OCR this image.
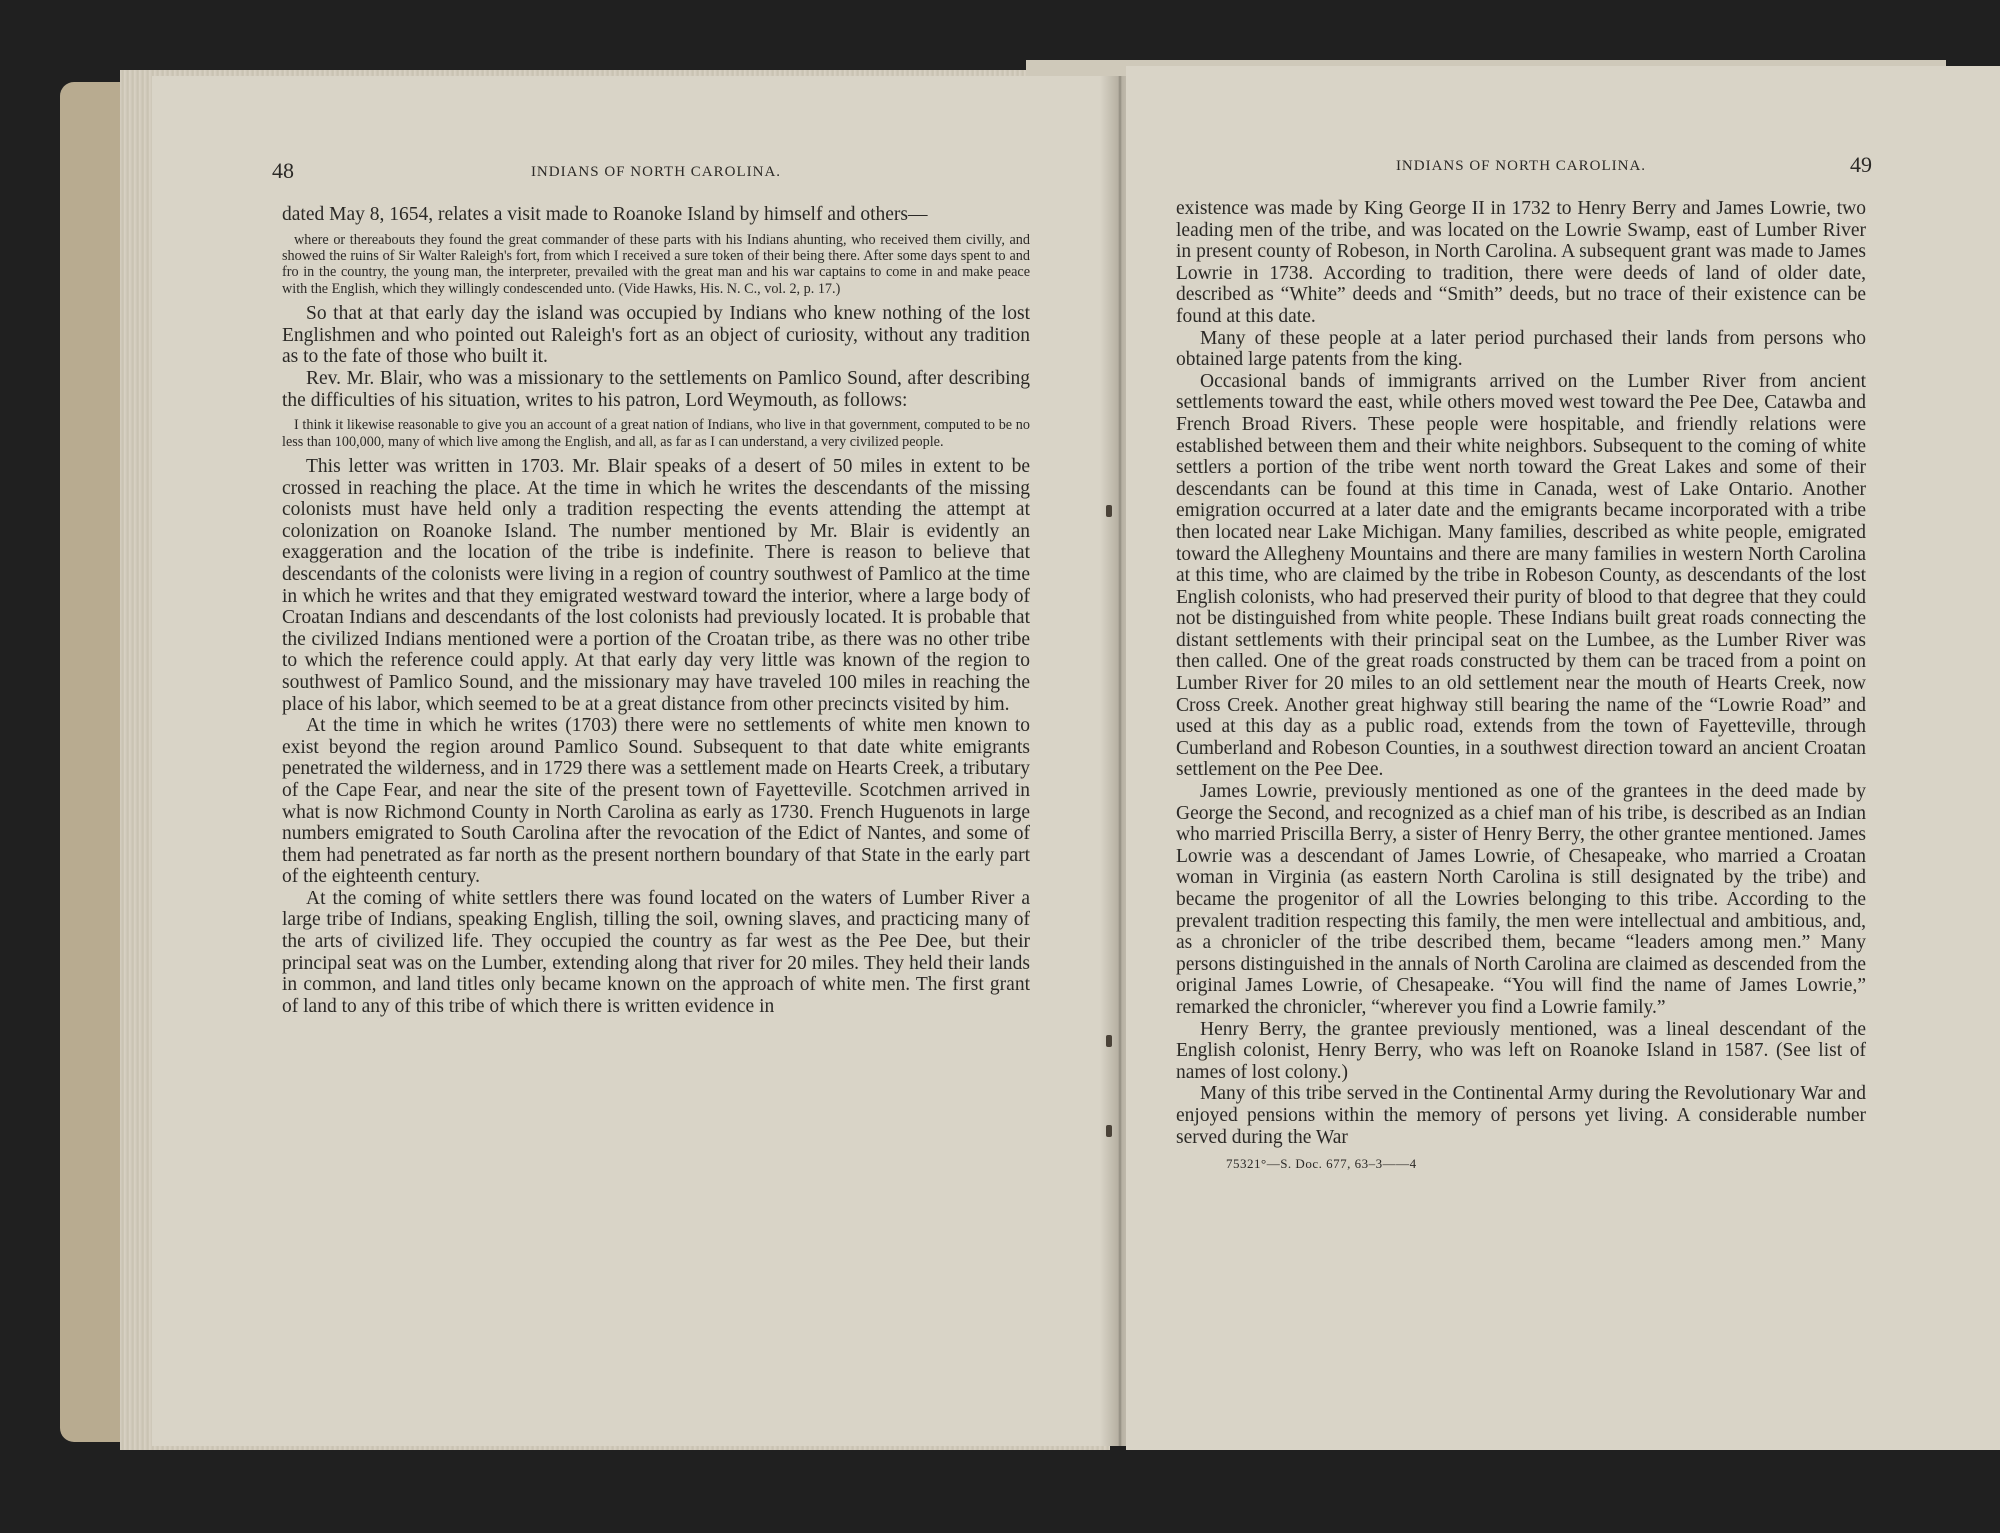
48	INDIANS OF NORTH CAROLINA.

dated May 8, 1654, relates a visit made to Roanoke Island by himself and others—

where or thereabouts they found the great commander of these parts with his Indians ahunting, who received them civilly, and showed the ruins of Sir Walter Raleigh's fort, from which I received a sure token of their being there. After some days spent to and fro in the country, the young man, the interpreter, prevailed with the great man and his war captains to come in and make peace with the English, which they willingly condescended unto. (Vide Hawks, His. N. C., vol. 2, p. 17.)

So that at that early day the island was occupied by Indians who knew nothing of the lost Englishmen and who pointed out Raleigh's fort as an object of curiosity, without any tradition as to the fate of those who built it.

Rev. Mr. Blair, who was a missionary to the settlements on Pamlico Sound, after describing the difficulties of his situation, writes to his patron, Lord Weymouth, as follows:

I think it likewise reasonable to give you an account of a great nation of Indians, who live in that government, computed to be no less than 100,000, many of which live among the English, and all, as far as I can understand, a very civilized people.

This letter was written in 1703. Mr. Blair speaks of a desert of 50 miles in extent to be crossed in reaching the place. At the time in which he writes the descendants of the missing colonists must have held only a tradition respecting the events attending the attempt at colonization on Roanoke Island. The number mentioned by Mr. Blair is evidently an exaggeration and the location of the tribe is indefinite. There is reason to believe that descendants of the colonists were living in a region of country southwest of Pamlico at the time in which he writes and that they emigrated westward toward the interior, where a large body of Croatan Indians and descendants of the lost colonists had previously located. It is probable that the civilized Indians mentioned were a portion of the Croatan tribe, as there was no other tribe to which the reference could apply. At that early day very little was known of the region to southwest of Pamlico Sound, and the missionary may have traveled 100 miles in reaching the place of his labor, which seemed to be at a great distance from other precincts visited by him.

At the time in which he writes (1703) there were no settlements of white men known to exist beyond the region around Pamlico Sound. Subsequent to that date white emigrants penetrated the wilderness, and in 1729 there was a settlement made on Hearts Creek, a tributary of the Cape Fear, and near the site of the present town of Fayetteville. Scotchmen arrived in what is now Richmond County in North Carolina as early as 1730. French Huguenots in large numbers emigrated to South Carolina after the revocation of the Edict of Nantes, and some of them had penetrated as far north as the present northern boundary of that State in the early part of the eighteenth century.

At the coming of white settlers there was found located on the waters of Lumber River a large tribe of Indians, speaking English, tilling the soil, owning slaves, and practicing many of the arts of civilized life. They occupied the country as far west as the Pee Dee, but their principal seat was on the Lumber, extending along that river for 20 miles. They held their lands in common, and land titles only became known on the approach of white men. The first grant of land to any of this tribe of which there is written evidence in

INDIANS OF NORTH CAROLINA.	49

existence was made by King George II in 1732 to Henry Berry and James Lowrie, two leading men of the tribe, and was located on the Lowrie Swamp, east of Lumber River in present county of Robeson, in North Carolina. A subsequent grant was made to James Lowrie in 1738. According to tradition, there were deeds of land of older date, described as “White” deeds and “Smith” deeds, but no trace of their existence can be found at this date.

Many of these people at a later period purchased their lands from persons who obtained large patents from the king.

Occasional bands of immigrants arrived on the Lumber River from ancient settlements toward the east, while others moved west toward the Pee Dee, Catawba and French Broad Rivers. These people were hospitable, and friendly relations were established between them and their white neighbors. Subsequent to the coming of white settlers a portion of the tribe went north toward the Great Lakes and some of their descendants can be found at this time in Canada, west of Lake Ontario. Another emigration occurred at a later date and the emigrants became incorporated with a tribe then located near Lake Michigan. Many families, described as white people, emigrated toward the Allegheny Mountains and there are many families in western North Carolina at this time, who are claimed by the tribe in Robeson County, as descendants of the lost English colonists, who had preserved their purity of blood to that degree that they could not be distinguished from white people. These Indians built great roads connecting the distant settlements with their principal seat on the Lumbee, as the Lumber River was then called. One of the great roads constructed by them can be traced from a point on Lumber River for 20 miles to an old settlement near the mouth of Hearts Creek, now Cross Creek. Another great highway still bearing the name of the “Lowrie Road” and used at this day as a public road, extends from the town of Fayetteville, through Cumberland and Robeson Counties, in a southwest direction toward an ancient Croatan settlement on the Pee Dee.

James Lowrie, previously mentioned as one of the grantees in the deed made by George the Second, and recognized as a chief man of his tribe, is described as an Indian who married Priscilla Berry, a sister of Henry Berry, the other grantee mentioned. James Lowrie was a descendant of James Lowrie, of Chesapeake, who married a Croatan woman in Virginia (as eastern North Carolina is still designated by the tribe) and became the progenitor of all the Lowries belonging to this tribe. According to the prevalent tradition respecting this family, the men were intellectual and ambitious, and, as a chronicler of the tribe described them, became “leaders among men.” Many persons distinguished in the annals of North Carolina are claimed as descended from the original James Lowrie, of Chesapeake. “You will find the name of James Lowrie,” remarked the chronicler, “wherever you find a Lowrie family.”

Henry Berry, the grantee previously mentioned, was a lineal descendant of the English colonist, Henry Berry, who was left on Roanoke Island in 1587. (See list of names of lost colony.)

Many of this tribe served in the Continental Army during the Revolutionary War and enjoyed pensions within the memory of persons yet living. A considerable number served during the War

75321°—S. Doc. 677, 63–3——4
